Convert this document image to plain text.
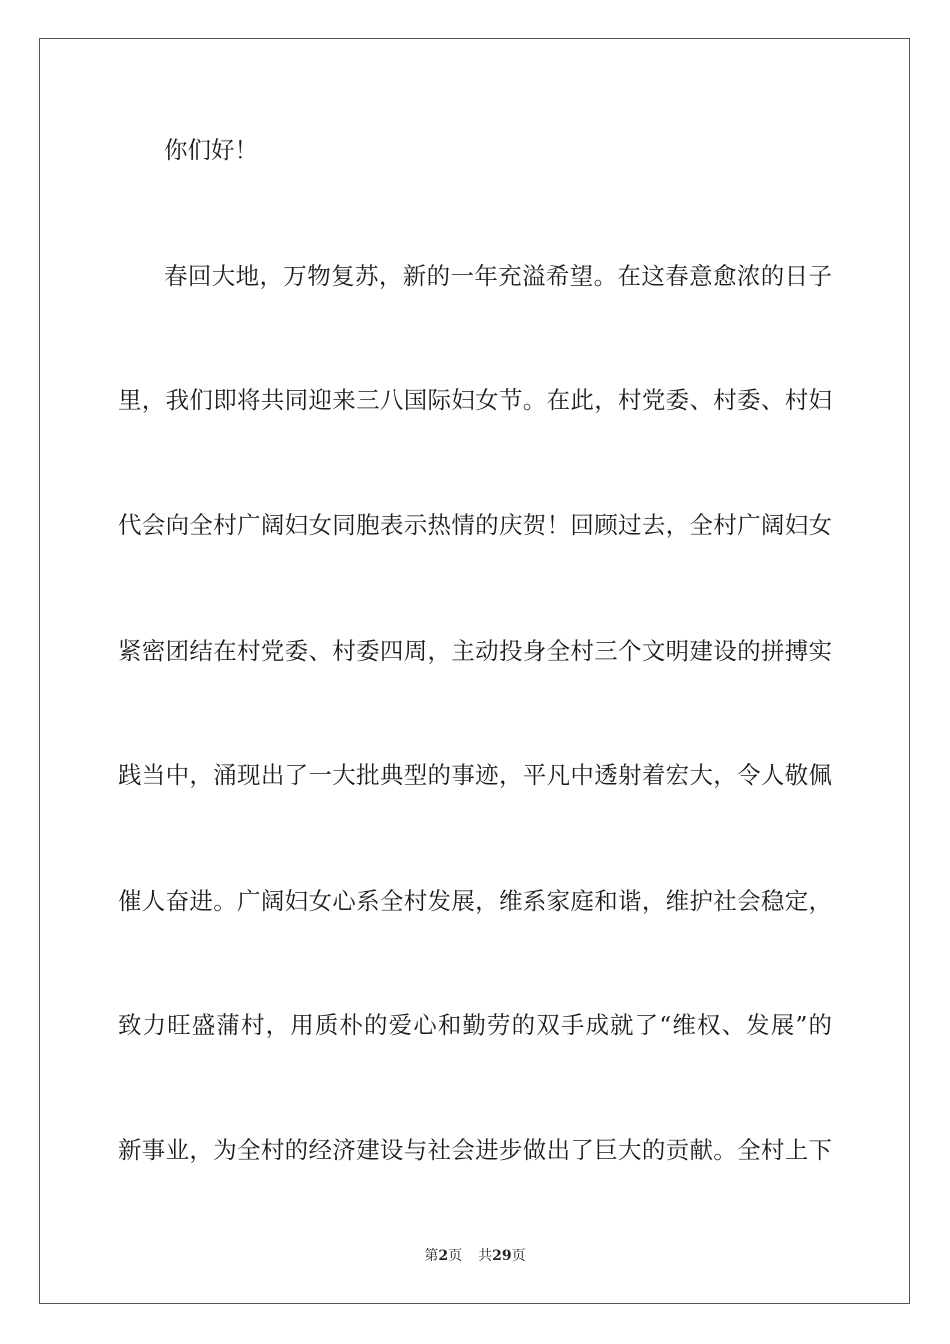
你们好！
春回大地，万物复苏，新的一年充溢希望。在这春意愈浓的日子
里，我们即将共同迎来三八国际妇女节。在此，村党委、村委、村妇
代会向全村广阔妇女同胞表示热情的庆贺！回顾过去，全村广阔妇女
紧密团结在村党委、村委四周，主动投身全村三个文明建设的拼搏实
践当中，涌现出了一大批典型的事迹，平凡中透射着宏大，令人敬佩
催人奋进。广阔妇女心系全村发展，维系家庭和谐，维护社会稳定，
致力旺盛蒲村，用质朴的爱心和勤劳的双手成就了“维权、发展”的
新事业，为全村的经济建设与社会进步做出了巨大的贡献。全村上下
第2页 共29页
